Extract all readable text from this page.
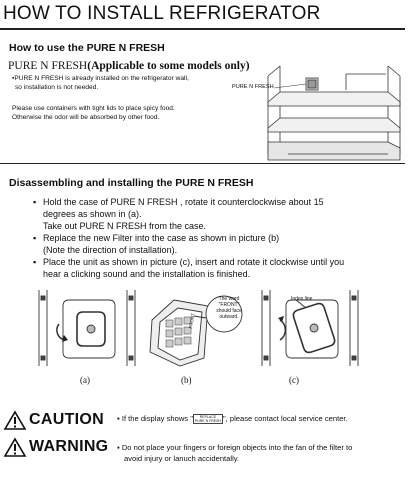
HOW TO INSTALL REFRIGERATOR
How to use the PURE N FRESH
PURE N FRESH(Applicable to some models only)
▪PURE N FRESH is already installed on the refrigerator wall,
so installation is not needed.
Please use containers with tight lids to place spicy food.
Otherwise the odor will be absorbed by other food.
PURE N FRESH
Disassembling and installing the PURE N FRESH
▪ Hold the case of PURE N FRESH , rotate it counterclockwise about 15
degrees as shown in (a).
Take out PURE N FRESH from the case.
▪ Replace the new Filter into the case as shown in picture (b)
(Note the direction of installation).
▪ Place the unit as shown in picture (c), insert and rotate it clockwise until you
hear a clicking sound and the installation is finished.
The word
"FRONT"
should face
outward.
FRONT
Index line
(a)	(b)	(c)
CAUTION ▪ If the display shows " REPLACE
PURE N FRESH ", please contact local service center.
WARNING ▪ Do not place your fingers or foreign objects into the fan of the filter to
avoid injury or lanuch accidentally.
